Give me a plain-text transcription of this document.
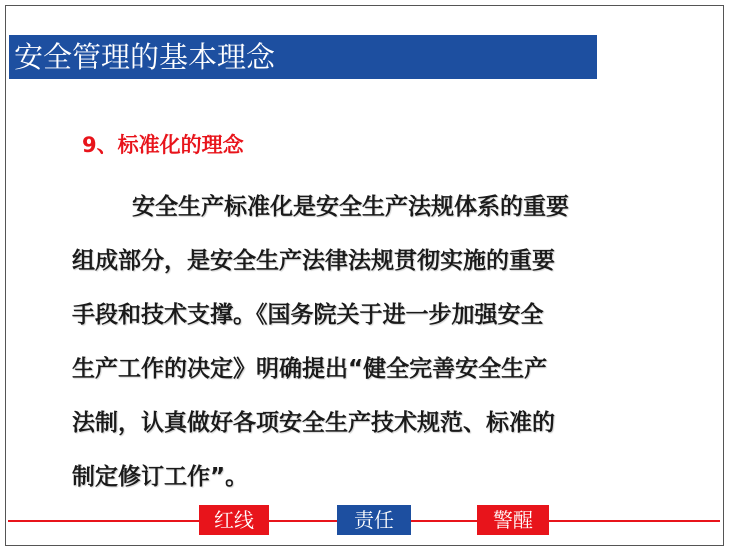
安全管理的基本理念
9、标准化的理念
安全生产标准化是安全生产法规体系的重要
组成部分，是安全生产法律法规贯彻实施的重要
手段和技术支撑。《国务院关于进一步加强安全
生产工作的决定》明确提出“健全完善安全生产
法制，认真做好各项安全生产技术规范、标准的
制定修订工作”。
红线	责任	警醒
